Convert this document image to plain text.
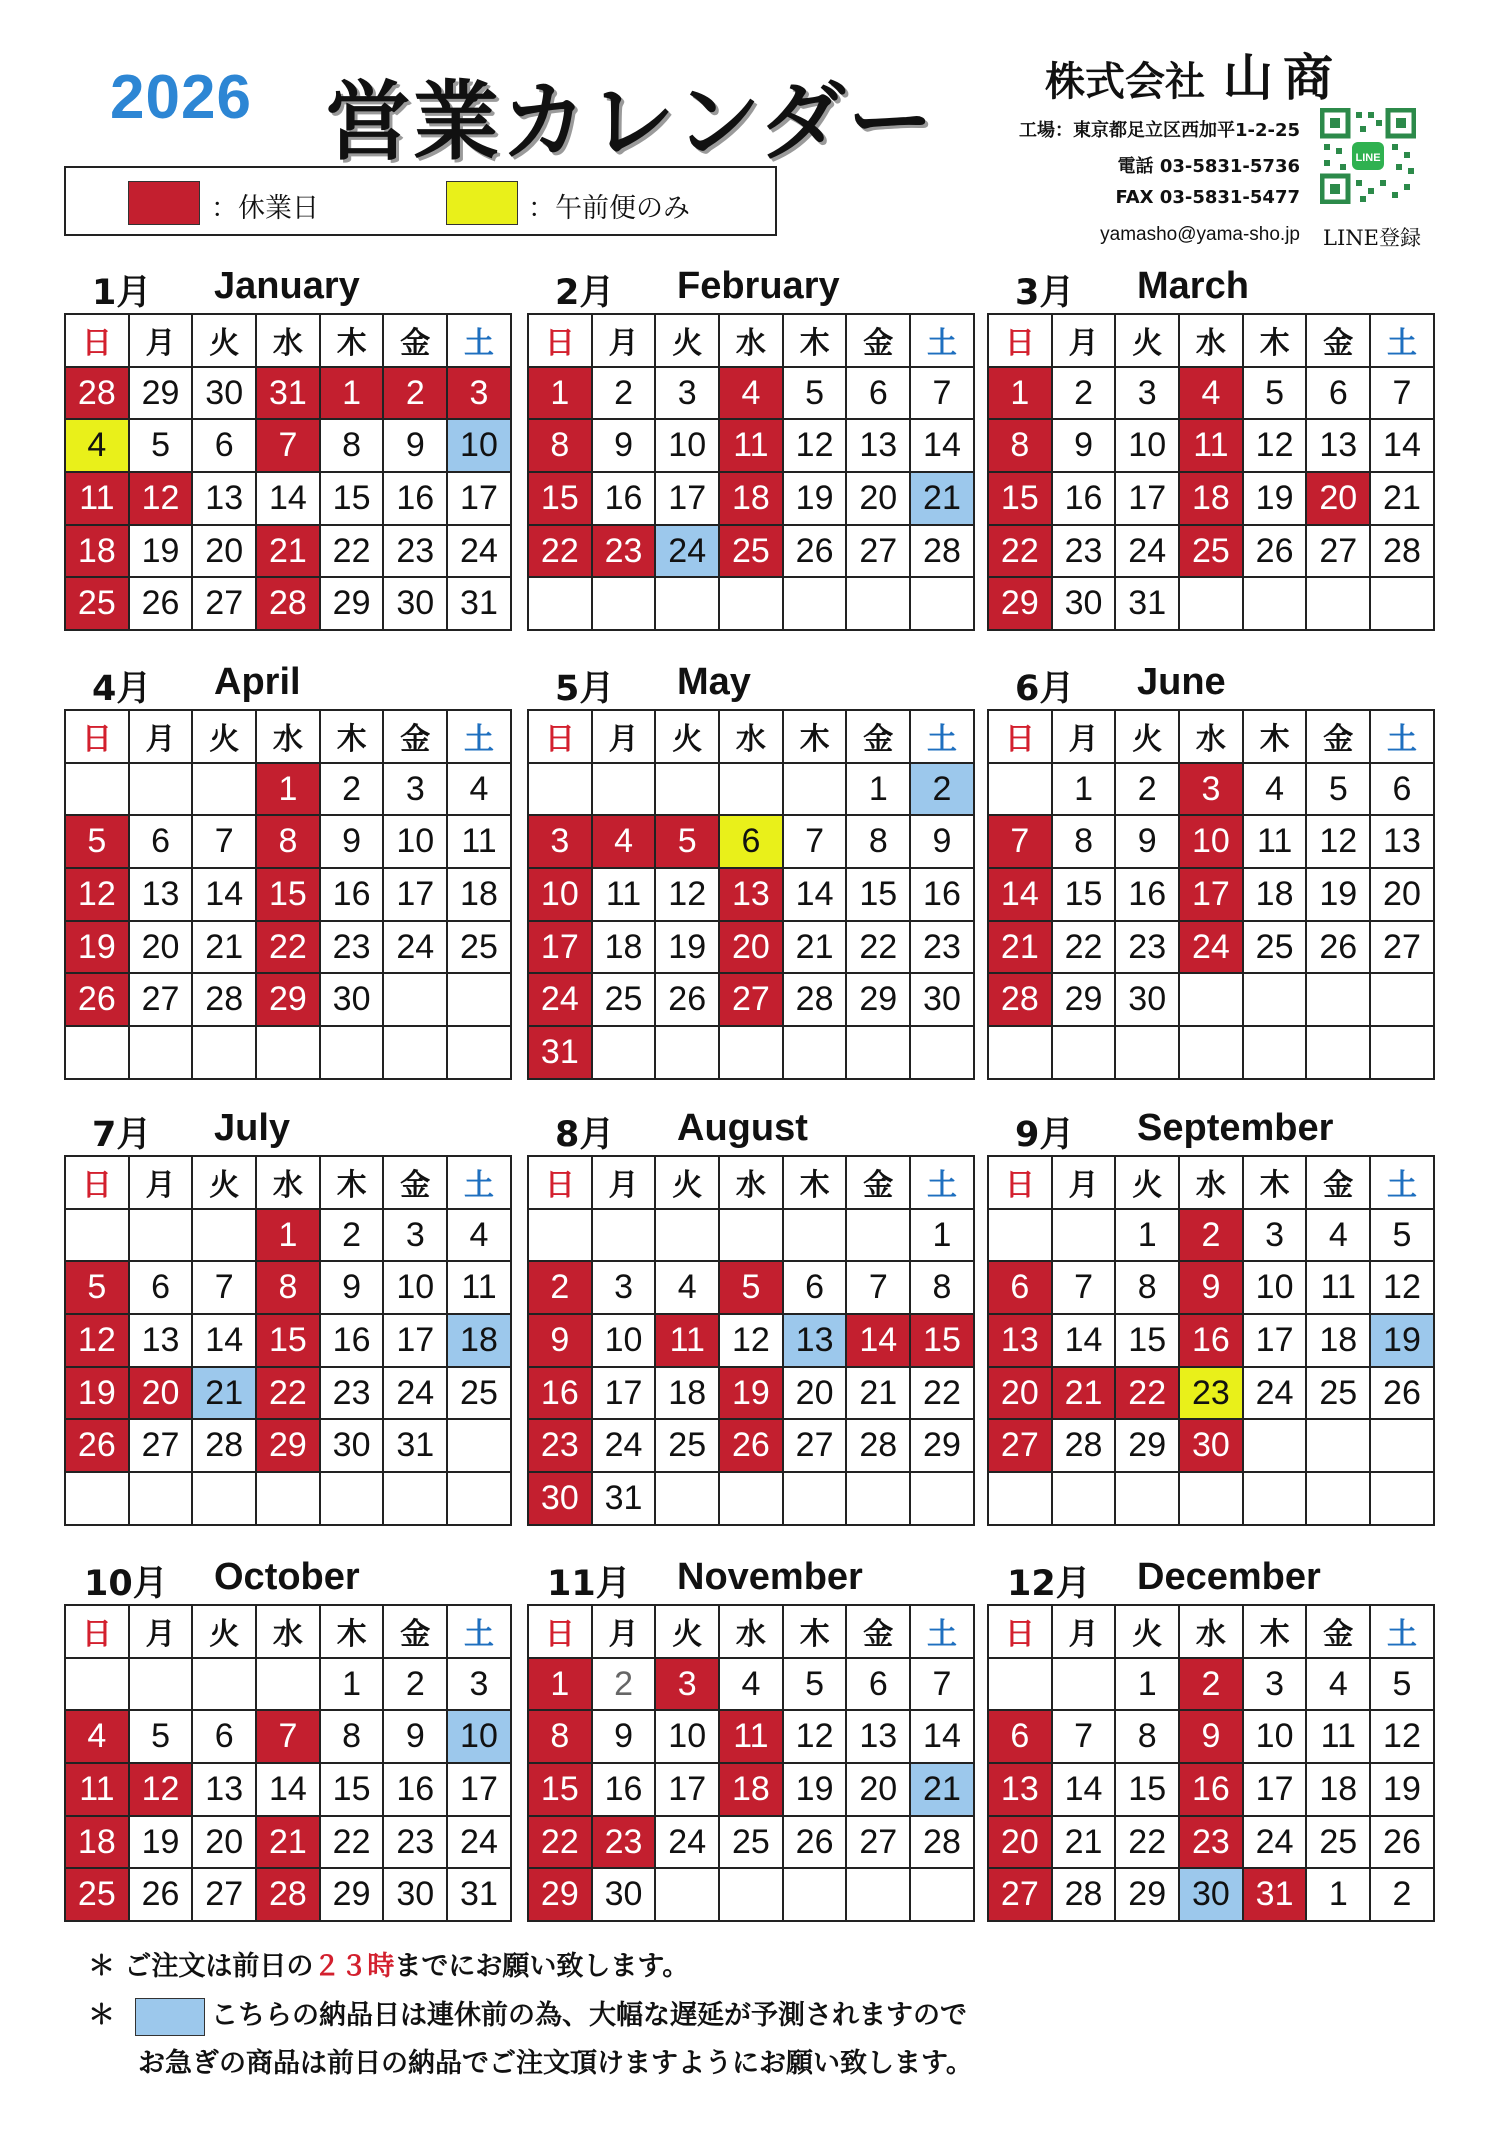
2026 営業カレンダー	株式会社 山商
工場：東京都足立区西加平1-2-25
電話 03-5831-5736
FAX 03-5831-5477
yamasho@yama-sho.jp
LINE
LINE登録
：休業日	：午前便のみ
1月 January
日	月	火	水	木	金	土
28	29	30	31	1	2	3
4	5	6	7	8	9	10
11	12	13	14	15	16	17
18	19	20	21	22	23	24
25	26	27	28	29	30	31
2月 February
日	月	火	水	木	金	土
1	2	3	4	5	6	7
8	9	10	11	12	13	14
15	16	17	18	19	20	21
22	23	24	25	26	27	28

3月 March
日	月	火	水	木	金	土
1	2	3	4	5	6	7
8	9	10	11	12	13	14
15	16	17	18	19	20	21
22	23	24	25	26	27	28
29	30	31				
4月 April
日	月	火	水	木	金	土
			1	2	3	4
5	6	7	8	9	10	11
12	13	14	15	16	17	18
19	20	21	22	23	24	25
26	27	28	29	30		

5月 May
日	月	火	水	木	金	土
					1	2
3	4	5	6	7	8	9
10	11	12	13	14	15	16
17	18	19	20	21	22	23
24	25	26	27	28	29	30
31						
6月 June
日	月	火	水	木	金	土
	1	2	3	4	5	6
7	8	9	10	11	12	13
14	15	16	17	18	19	20
21	22	23	24	25	26	27
28	29	30				

7月 July
日	月	火	水	木	金	土
			1	2	3	4
5	6	7	8	9	10	11
12	13	14	15	16	17	18
19	20	21	22	23	24	25
26	27	28	29	30	31	

8月 August
日	月	火	水	木	金	土
						1
2	3	4	5	6	7	8
9	10	11	12	13	14	15
16	17	18	19	20	21	22
23	24	25	26	27	28	29
30	31					
9月 September
日	月	火	水	木	金	土
		1	2	3	4	5
6	7	8	9	10	11	12
13	14	15	16	17	18	19
20	21	22	23	24	25	26
27	28	29	30			

10月 October
日	月	火	水	木	金	土
				1	2	3
4	5	6	7	8	9	10
11	12	13	14	15	16	17
18	19	20	21	22	23	24
25	26	27	28	29	30	31
11月 November
日	月	火	水	木	金	土
1	2	3	4	5	6	7
8	9	10	11	12	13	14
15	16	17	18	19	20	21
22	23	24	25	26	27	28
29	30					
12月 December
日	月	火	水	木	金	土
		1	2	3	4	5
6	7	8	9	10	11	12
13	14	15	16	17	18	19
20	21	22	23	24	25	26
27	28	29	30	31	1	2
＊ ご注文は前日の２３時までにお願い致します。
＊	こちらの納品日は連休前の為、大幅な遅延が予測されますので
お急ぎの商品は前日の納品でご注文頂けますようにお願い致します。
